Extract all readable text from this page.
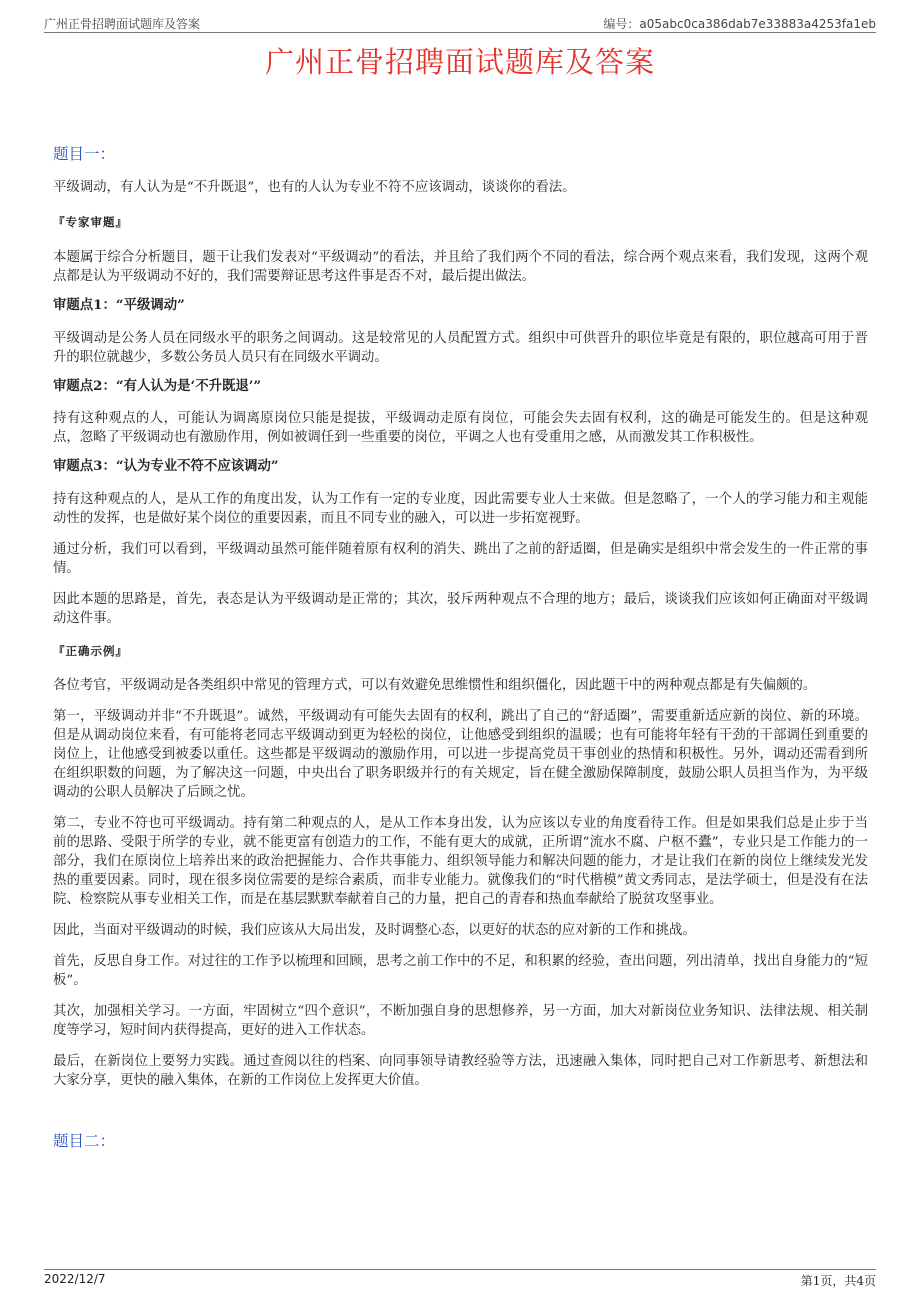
广州正骨招聘面试题库及答案	编号：a05abc0ca386dab7e33883a4253fa1eb
广州正骨招聘面试题库及答案

题目一：

平级调动，有人认为是“不升既退”，也有的人认为专业不符不应该调动，谈谈你的看法。

『专家审题』

本题属于综合分析题目，题干让我们发表对“平级调动”的看法，并且给了我们两个不同的看法，综合两个观点来看，我们发现，这两个观点都是认为平级调动不好的，我们需要辩证思考这件事是否不对，最后提出做法。

审题点1：“平级调动”

平级调动是公务人员在同级水平的职务之间调动。这是较常见的人员配置方式。组织中可供晋升的职位毕竟是有限的，职位越高可用于晋升的职位就越少，多数公务员人员只有在同级水平调动。

审题点2：“有人认为是‘不升既退’”

持有这种观点的人，可能认为调离原岗位只能是提拔，平级调动走原有岗位，可能会失去固有权利，这的确是可能发生的。但是这种观点，忽略了平级调动也有激励作用，例如被调任到一些重要的岗位，平调之人也有受重用之感，从而激发其工作积极性。

审题点3：“认为专业不符不应该调动”

持有这种观点的人，是从工作的角度出发，认为工作有一定的专业度，因此需要专业人士来做。但是忽略了，一个人的学习能力和主观能动性的发挥，也是做好某个岗位的重要因素，而且不同专业的融入，可以进一步拓宽视野。

通过分析，我们可以看到，平级调动虽然可能伴随着原有权利的消失、跳出了之前的舒适圈，但是确实是组织中常会发生的一件正常的事情。

因此本题的思路是，首先，表态是认为平级调动是正常的；其次，驳斥两种观点不合理的地方；最后，谈谈我们应该如何正确面对平级调动这件事。

『正确示例』

各位考官，平级调动是各类组织中常见的管理方式，可以有效避免思维惯性和组织僵化，因此题干中的两种观点都是有失偏颇的。

第一，平级调动并非“不升既退”。诚然，平级调动有可能失去固有的权利，跳出了自己的“舒适圈”，需要重新适应新的岗位、新的环境。但是从调动岗位来看，有可能将老同志平级调动到更为轻松的岗位，让他感受到组织的温暖；也有可能将年轻有干劲的干部调任到重要的岗位上，让他感受到被委以重任。这些都是平级调动的激励作用，可以进一步提高党员干事创业的热情和积极性。另外，调动还需看到所在组织职数的问题，为了解决这一问题，中央出台了职务职级并行的有关规定，旨在健全激励保障制度，鼓励公职人员担当作为，为平级调动的公职人员解决了后顾之忧。

第二，专业不符也可平级调动。持有第二种观点的人，是从工作本身出发，认为应该以专业的角度看待工作。但是如果我们总是止步于当前的思路、受限于所学的专业，就不能更富有创造力的工作，不能有更大的成就，正所谓“流水不腐、户枢不蠹”，专业只是工作能力的一部分，我们在原岗位上培养出来的政治把握能力、合作共事能力、组织领导能力和解决问题的能力，才是让我们在新的岗位上继续发光发热的重要因素。同时，现在很多岗位需要的是综合素质，而非专业能力。就像我们的“时代楷模”黄文秀同志，是法学硕士，但是没有在法院、检察院从事专业相关工作，而是在基层默默奉献着自己的力量，把自己的青春和热血奉献给了脱贫攻坚事业。

因此，当面对平级调动的时候，我们应该从大局出发，及时调整心态，以更好的状态的应对新的工作和挑战。

首先，反思自身工作。对过往的工作予以梳理和回顾，思考之前工作中的不足，和积累的经验，查出问题，列出清单，找出自身能力的“短板”。

其次，加强相关学习。一方面，牢固树立“四个意识”，不断加强自身的思想修养，另一方面，加大对新岗位业务知识、法律法规、相关制度等学习，短时间内获得提高，更好的进入工作状态。

最后，在新岗位上要努力实践。通过查阅以往的档案、向同事领导请教经验等方法，迅速融入集体，同时把自己对工作新思考、新想法和大家分享，更快的融入集体，在新的工作岗位上发挥更大价值。

题目二：

2022/12/7	第1页，共4页
